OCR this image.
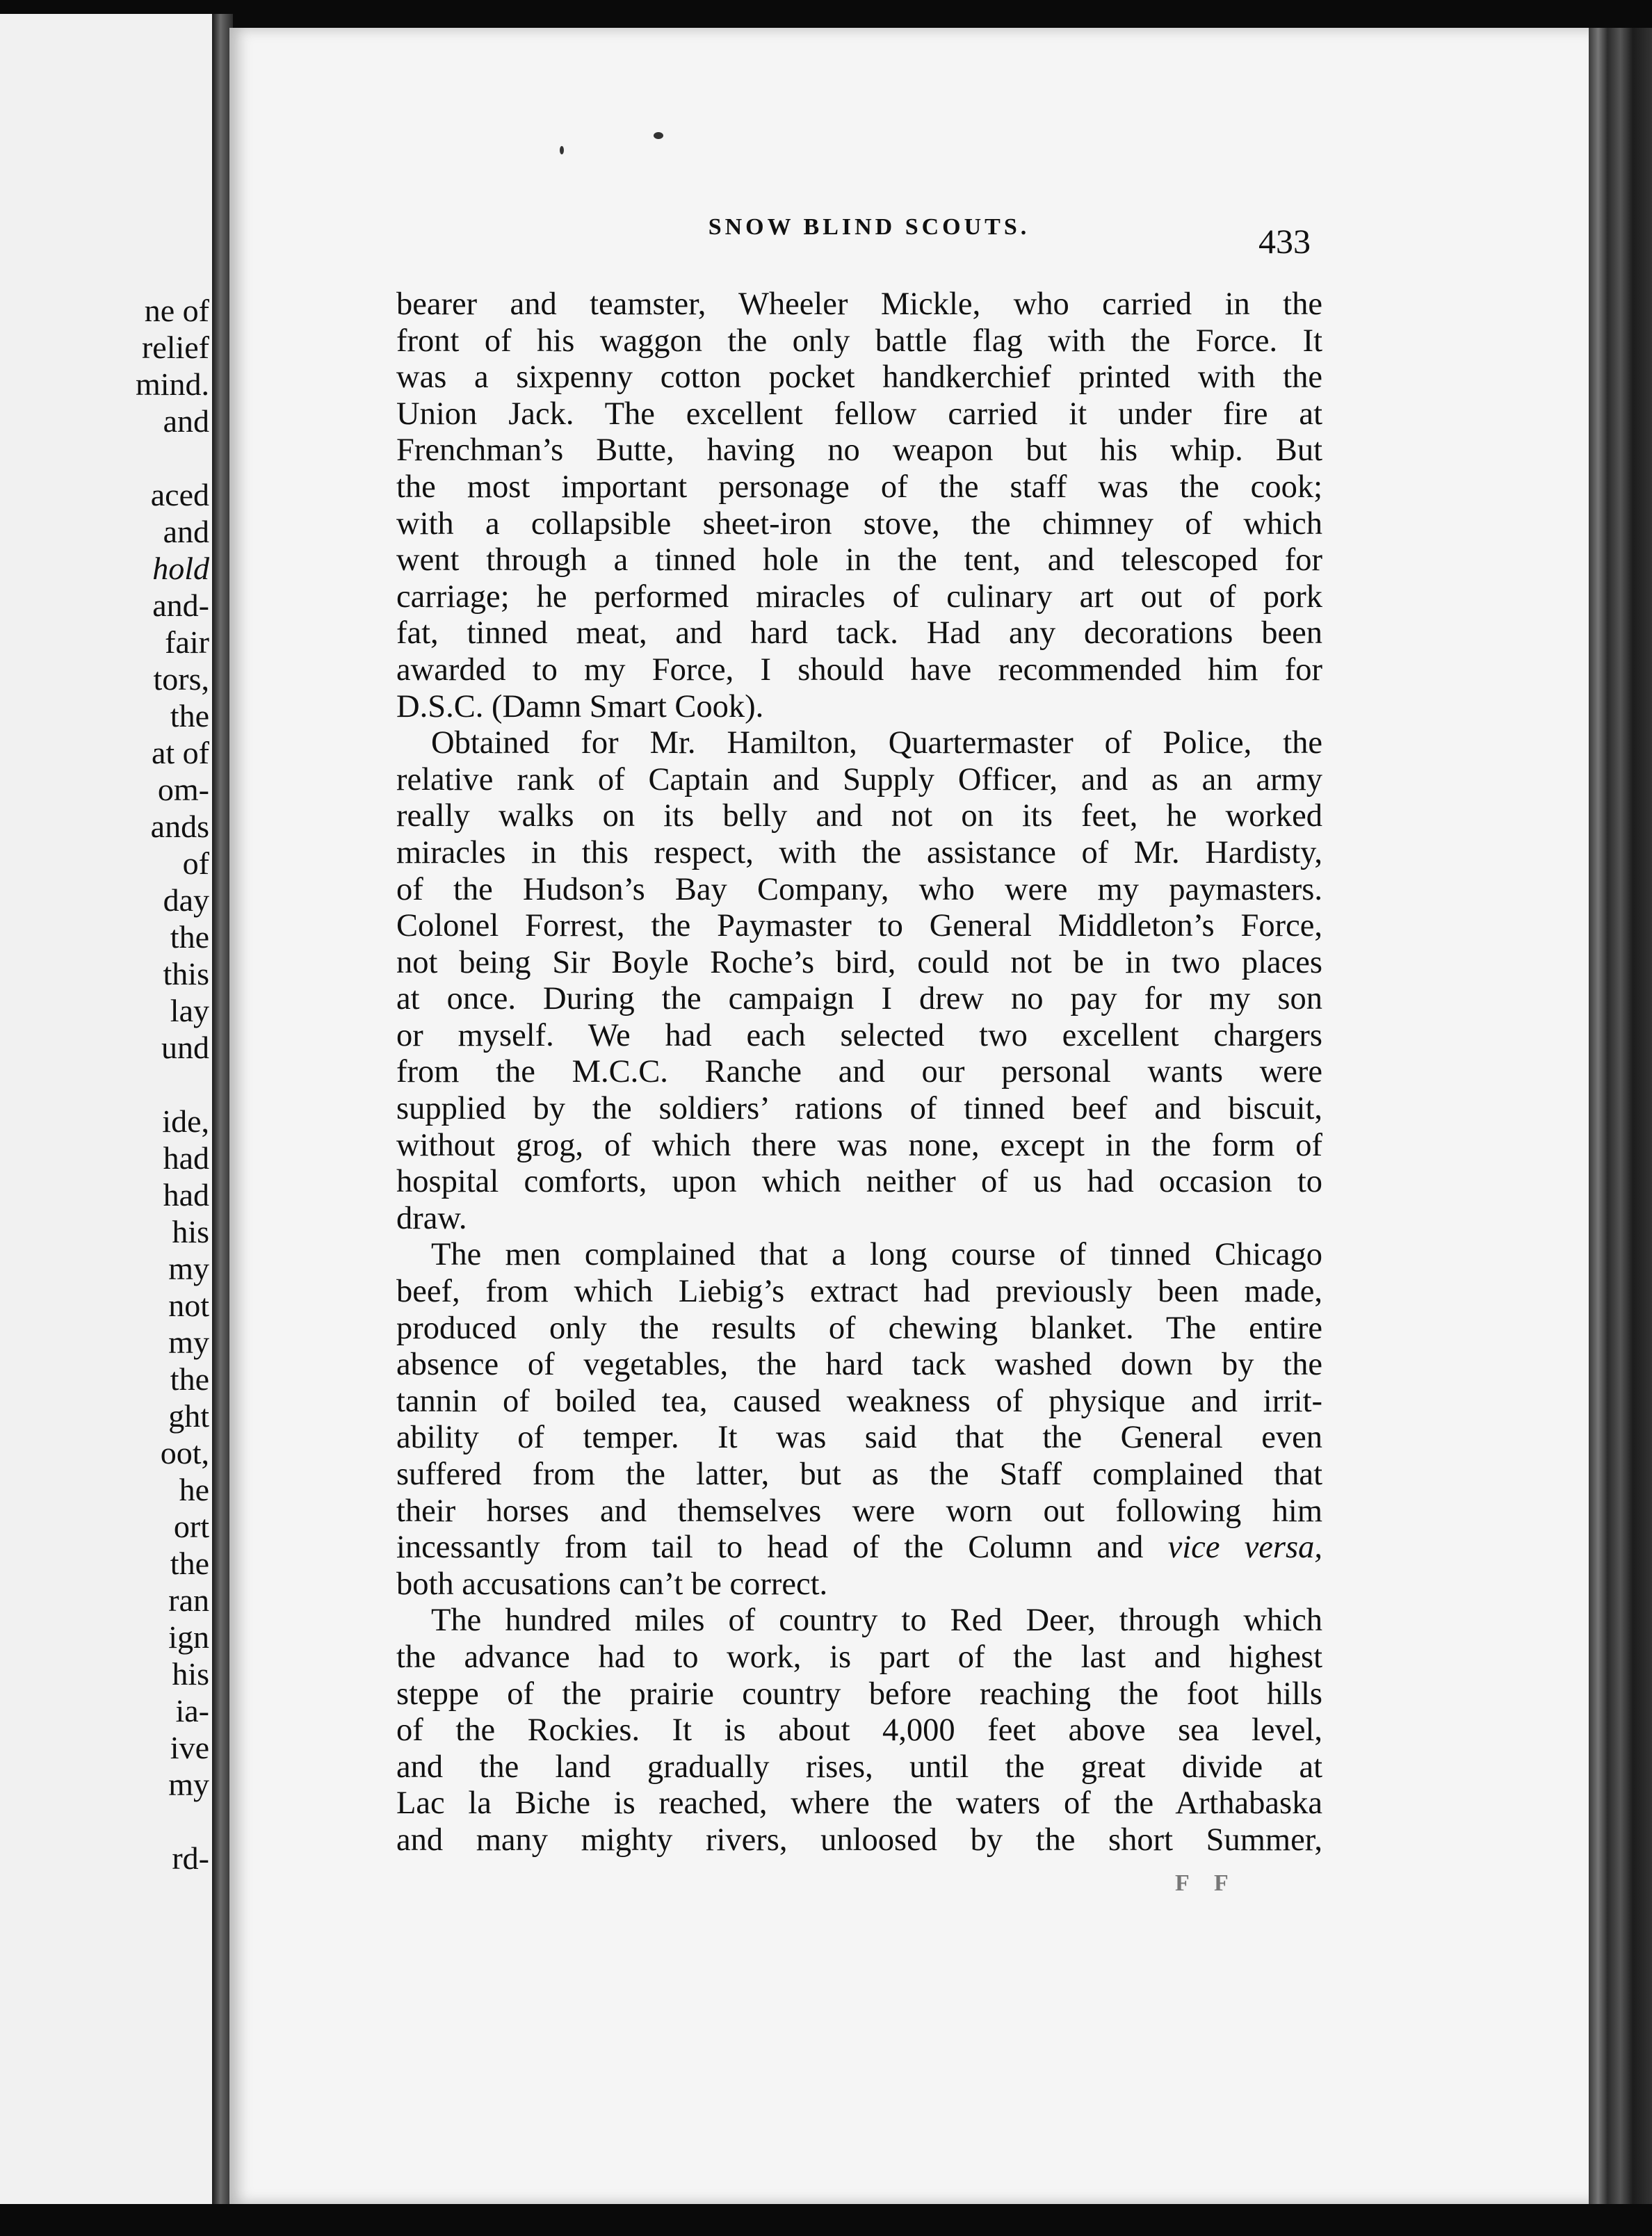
ne of
relief
mind.
and
aced
and
hold
and-
fair
tors,
the
at of
om-
ands
of
day
the
this
lay
und
ide,
had
had
his
my
not
my
the
ght
oot,
he
ort
the
ran
ign
his
ia-
ive
my
rd-
SNOW BLIND SCOUTS.	433
bearer and teamster, Wheeler Mickle, who carried in the
front of his waggon the only battle flag with the Force. It
was a sixpenny cotton pocket handkerchief printed with the
Union Jack. The excellent fellow carried it under fire at
Frenchman’s Butte, having no weapon but his whip. But
the most important personage of the staff was the cook;
with a collapsible sheet-iron stove, the chimney of which
went through a tinned hole in the tent, and telescoped for
carriage; he performed miracles of culinary art out of pork
fat, tinned meat, and hard tack. Had any decorations been
awarded to my Force, I should have recommended him for
D.S.C. (Damn Smart Cook).
Obtained for Mr. Hamilton, Quartermaster of Police, the
relative rank of Captain and Supply Officer, and as an army
really walks on its belly and not on its feet, he worked
miracles in this respect, with the assistance of Mr. Hardisty,
of the Hudson’s Bay Company, who were my paymasters.
Colonel Forrest, the Paymaster to General Middleton’s Force,
not being Sir Boyle Roche’s bird, could not be in two places
at once. During the campaign I drew no pay for my son
or myself. We had each selected two excellent chargers
from the M.C.C. Ranche and our personal wants were
supplied by the soldiers’ rations of tinned beef and biscuit,
without grog, of which there was none, except in the form of
hospital comforts, upon which neither of us had occasion to
draw.
The men complained that a long course of tinned Chicago
beef, from which Liebig’s extract had previously been made,
produced only the results of chewing blanket. The entire
absence of vegetables, the hard tack washed down by the
tannin of boiled tea, caused weakness of physique and irrit-
ability of temper. It was said that the General even
suffered from the latter, but as the Staff complained that
their horses and themselves were worn out following him
incessantly from tail to head of the Column and vice versa,
both accusations can’t be correct.
The hundred miles of country to Red Deer, through which
the advance had to work, is part of the last and highest
steppe of the prairie country before reaching the foot hills
of the Rockies. It is about 4,000 feet above sea level,
and the land gradually rises, until the great divide at
Lac la Biche is reached, where the waters of the Arthabaska
and many mighty rivers, unloosed by the short Summer,
F F
